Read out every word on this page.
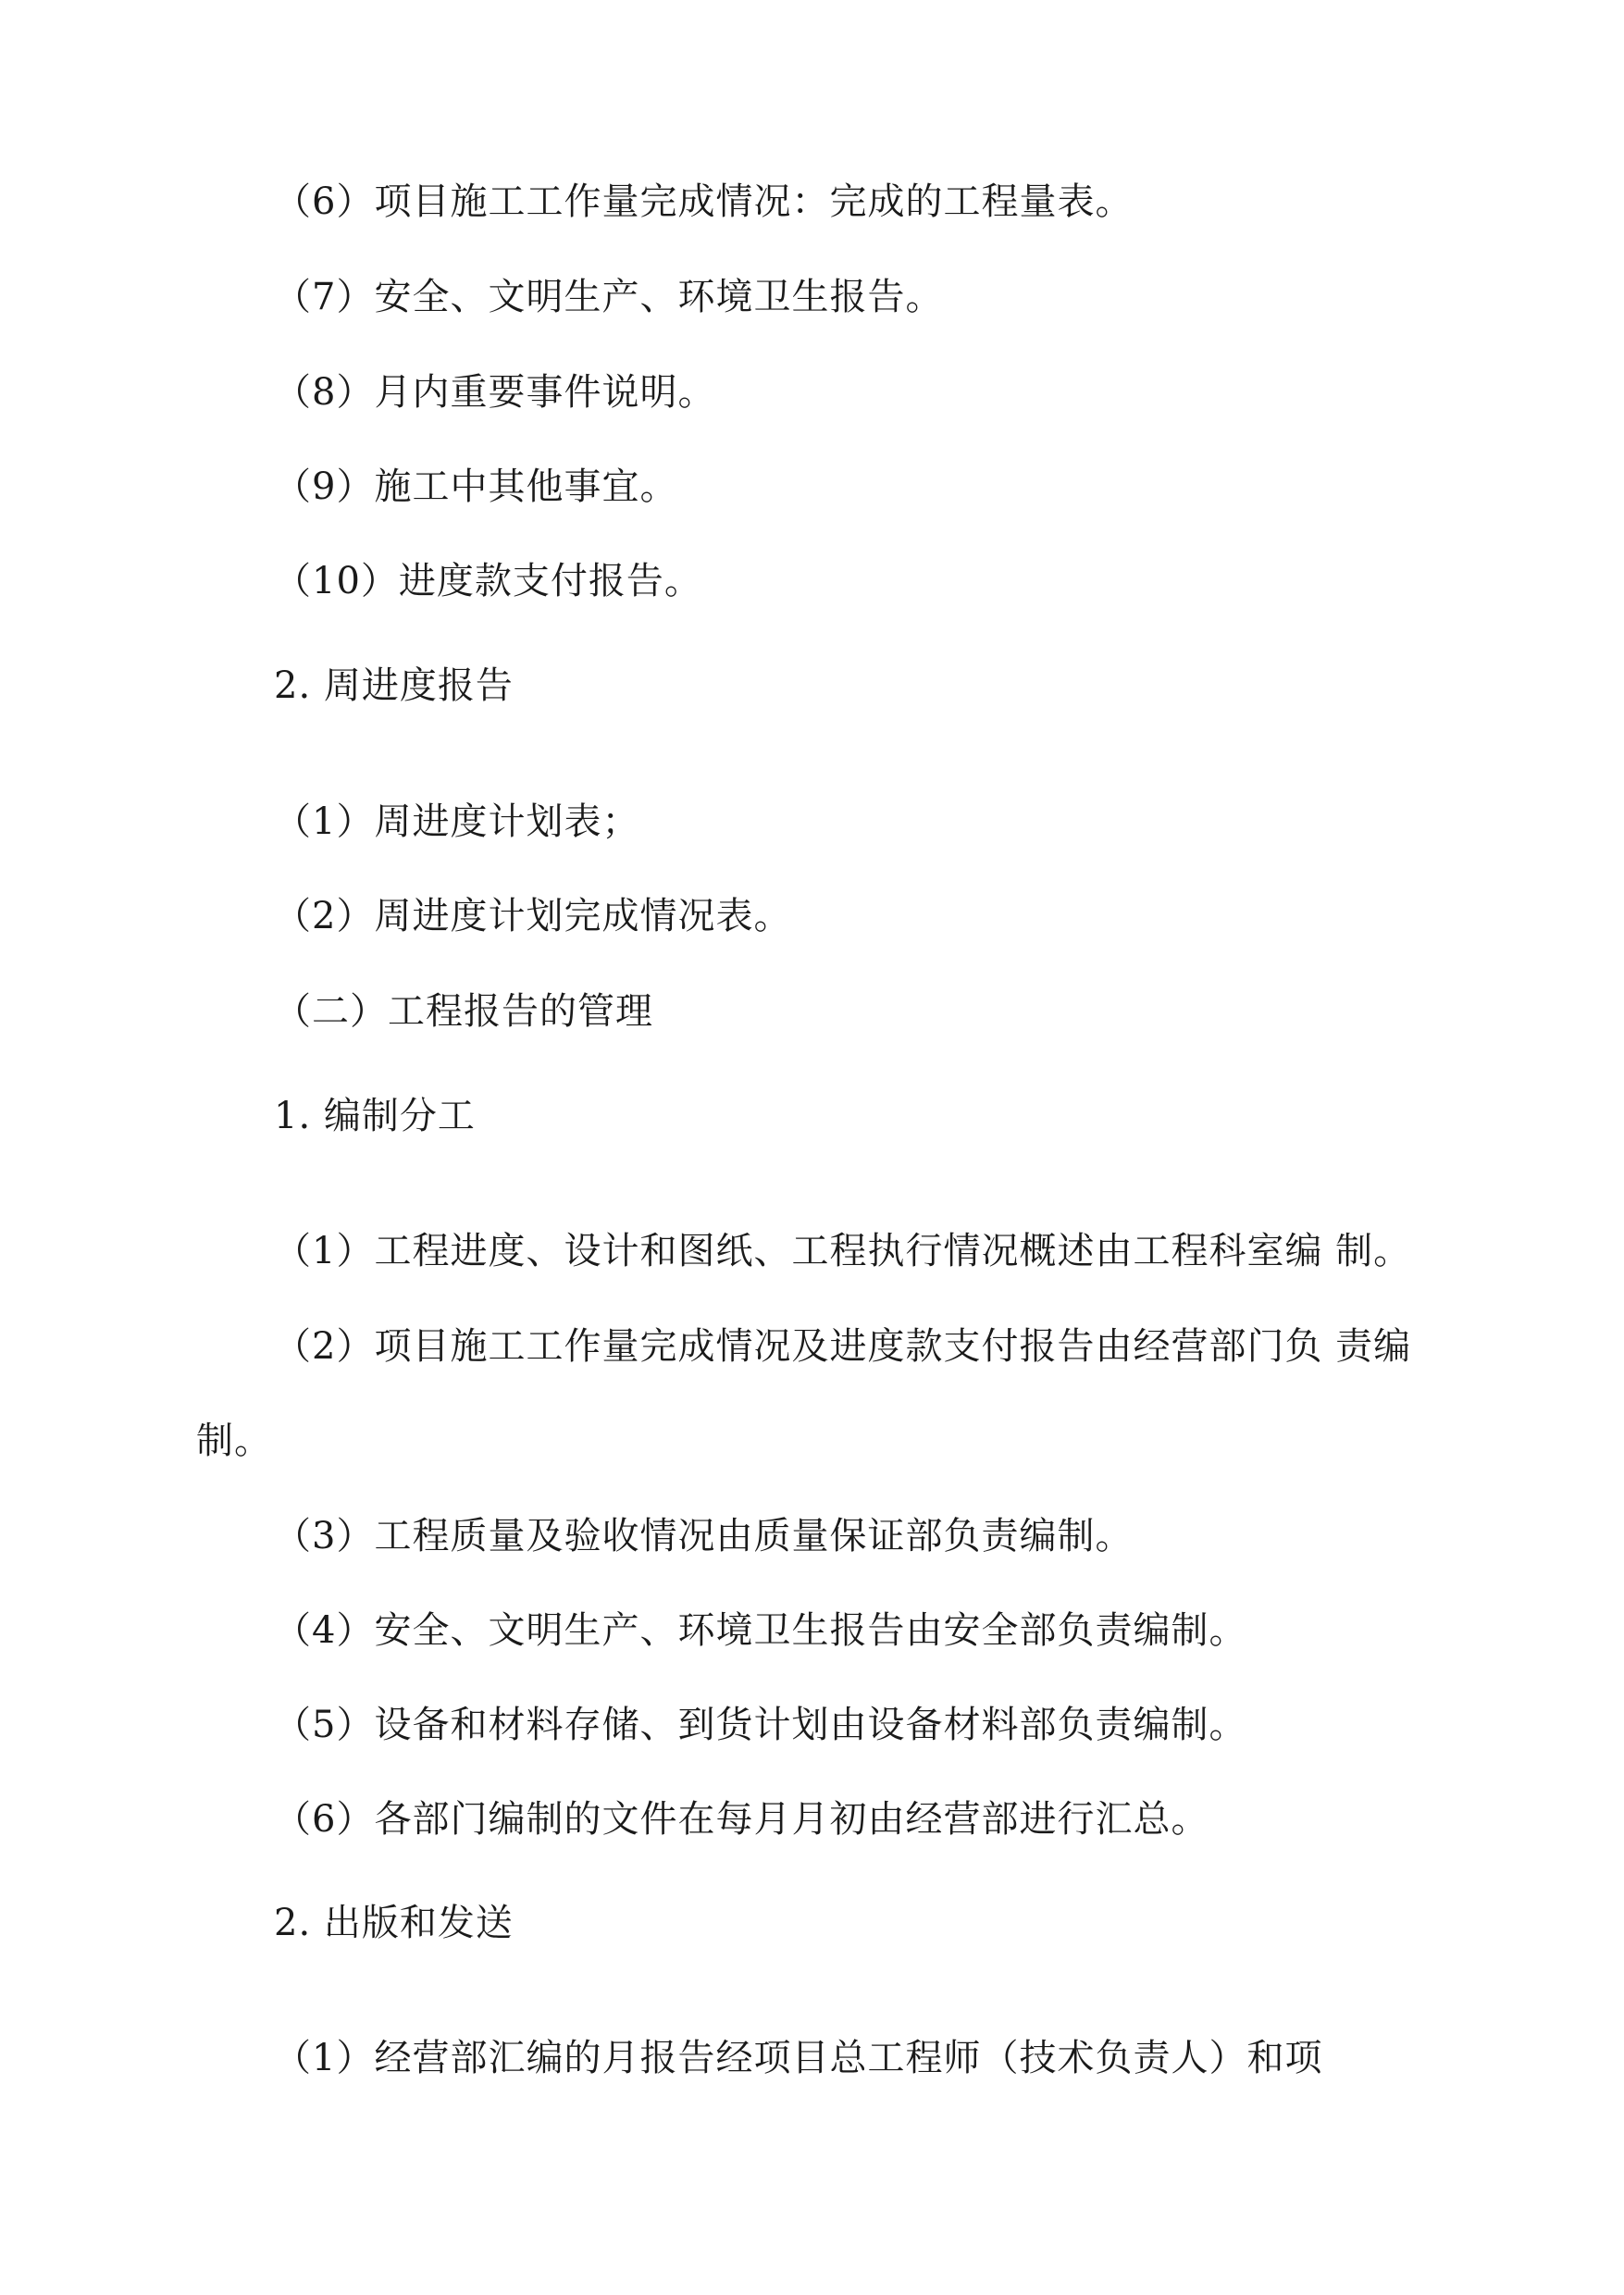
（6）项目施工工作量完成情况：完成的工程量表。
（7）安全、文明生产、环境卫生报告。
（8）月内重要事件说明。
（9）施工中其他事宜。
（10）进度款支付报告。
2. 周进度报告
（1）周进度计划表；
（2）周进度计划完成情况表。
（二）工程报告的管理
1. 编制分工
（1）工程进度、设计和图纸、工程执行情况概述由工程科室编 制。
（2）项目施工工作量完成情况及进度款支付报告由经营部门负 责编
制。
（3）工程质量及验收情况由质量保证部负责编制。
（4）安全、文明生产、环境卫生报告由安全部负责编制。
（5）设备和材料存储、到货计划由设备材料部负责编制。
（6）各部门编制的文件在每月月初由经营部进行汇总。
2. 出版和发送
（1）经营部汇编的月报告经项目总工程师（技术负责人）和项
